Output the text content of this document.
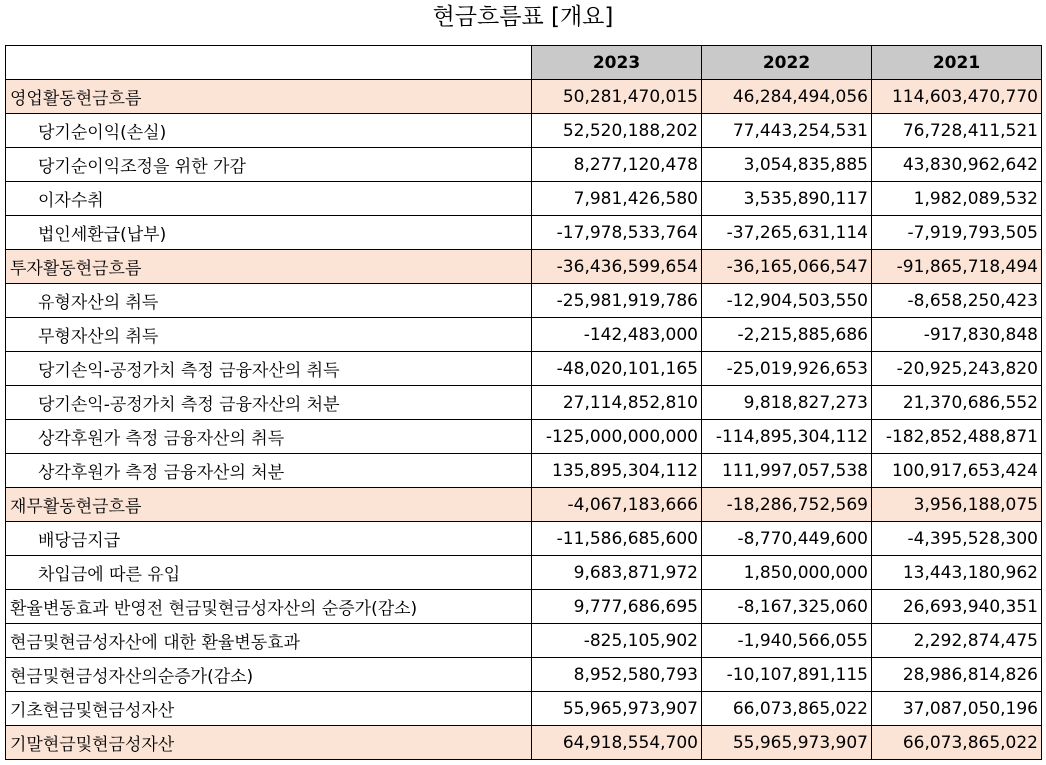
현금흐름표 [개요]
	2023	2022	2021
영업활동현금흐름	50,281,470,015	46,284,494,056	114,603,470,770
당기순이익(손실)	52,520,188,202	77,443,254,531	76,728,411,521
당기순이익조정을 위한 가감	8,277,120,478	3,054,835,885	43,830,962,642
이자수취	7,981,426,580	3,535,890,117	1,982,089,532
법인세환급(납부)	-17,978,533,764	-37,265,631,114	-7,919,793,505
투자활동현금흐름	-36,436,599,654	-36,165,066,547	-91,865,718,494
유형자산의 취득	-25,981,919,786	-12,904,503,550	-8,658,250,423
무형자산의 취득	-142,483,000	-2,215,885,686	-917,830,848
당기손익-공정가치 측정 금융자산의 취득	-48,020,101,165	-25,019,926,653	-20,925,243,820
당기손익-공정가치 측정 금융자산의 처분	27,114,852,810	9,818,827,273	21,370,686,552
상각후원가 측정 금융자산의 취득	-125,000,000,000	-114,895,304,112	-182,852,488,871
상각후원가 측정 금융자산의 처분	135,895,304,112	111,997,057,538	100,917,653,424
재무활동현금흐름	-4,067,183,666	-18,286,752,569	3,956,188,075
배당금지급	-11,586,685,600	-8,770,449,600	-4,395,528,300
차입금에 따른 유입	9,683,871,972	1,850,000,000	13,443,180,962
환율변동효과 반영전 현금및현금성자산의 순증가(감소)	9,777,686,695	-8,167,325,060	26,693,940,351
현금및현금성자산에 대한 환율변동효과	-825,105,902	-1,940,566,055	2,292,874,475
현금및현금성자산의순증가(감소)	8,952,580,793	-10,107,891,115	28,986,814,826
기초현금및현금성자산	55,965,973,907	66,073,865,022	37,087,050,196
기말현금및현금성자산	64,918,554,700	55,965,973,907	66,073,865,022
